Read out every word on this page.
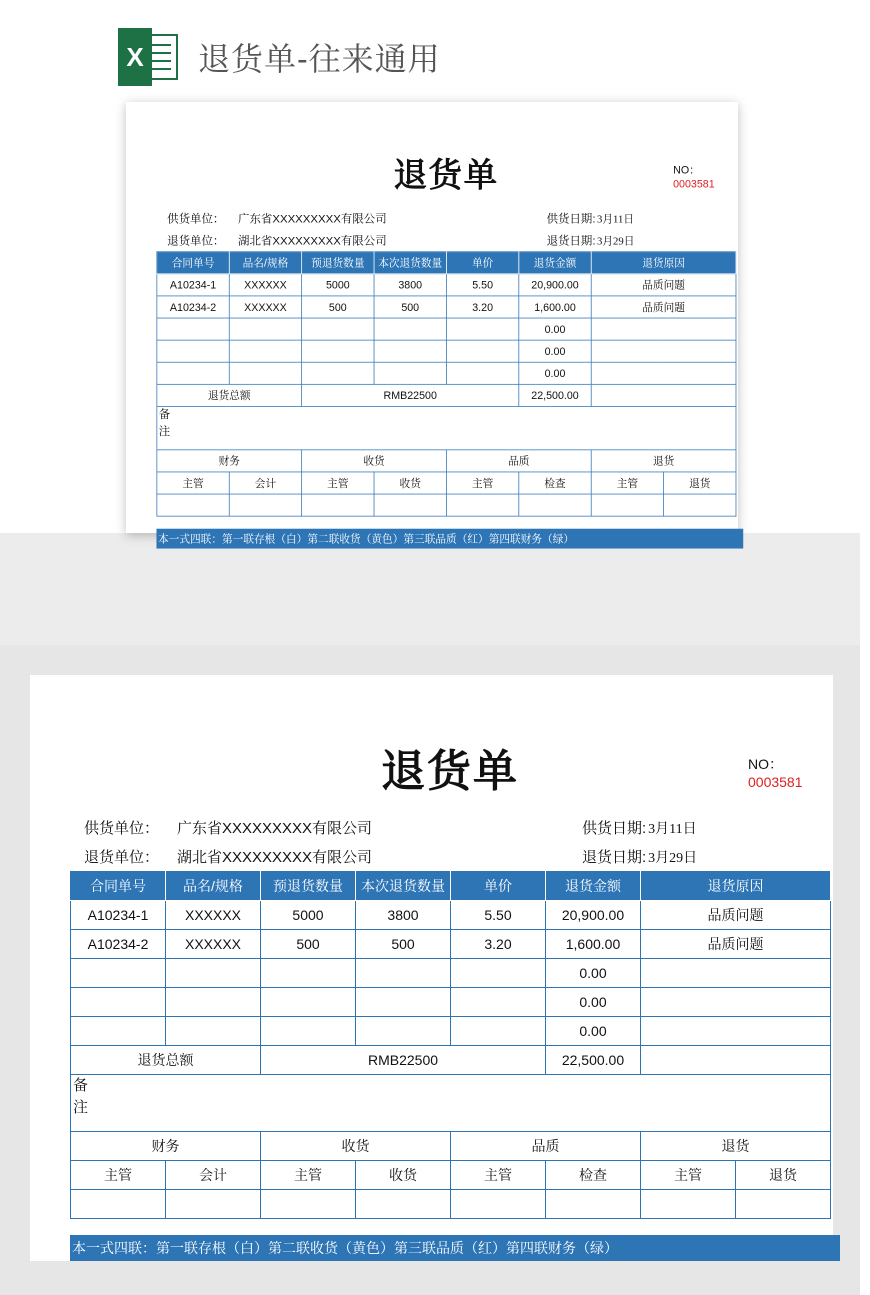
X 退货单-往来通用
退货单	NO：0003581
供货单位： 广东省XXXXXXXXX有限公司
退货单位： 湖北省XXXXXXXXX有限公司
供货日期: 3月11日
退货日期: 3月29日
合同单号	品名/规格	预退货数量	本次退货数量	单价	退货金额	退货原因	
A10234-1	XXXXXX	5000	3800	5.50	20,900.00	品质问题	
A10234-2	XXXXXX	500	500	3.20	1,600.00	品质问题	
					0.00		
					0.00		
					0.00		
退货总额		RMB22500			22,500.00		
备注							
财务		收货		品质		退货	
主管	会计	主管	收货	主管	检查	主管	退货

本一式四联：第一联存根（白）第二联收货（黄色）第三联品质（红）第四联财务（绿）
退货单	NO：0003581
供货单位： 广东省XXXXXXXXX有限公司
退货单位： 湖北省XXXXXXXXX有限公司
供货日期: 3月11日
退货日期: 3月29日
合同单号	品名/规格	预退货数量	本次退货数量	单价	退货金额	退货原因	
A10234-1	XXXXXX	5000	3800	5.50	20,900.00	品质问题	
A10234-2	XXXXXX	500	500	3.20	1,600.00	品质问题	
					0.00		
					0.00		
					0.00		
退货总额		RMB22500			22,500.00		
备注							
财务		收货		品质		退货	
主管	会计	主管	收货	主管	检查	主管	退货

本一式四联：第一联存根（白）第二联收货（黄色）第三联品质（红）第四联财务（绿）
